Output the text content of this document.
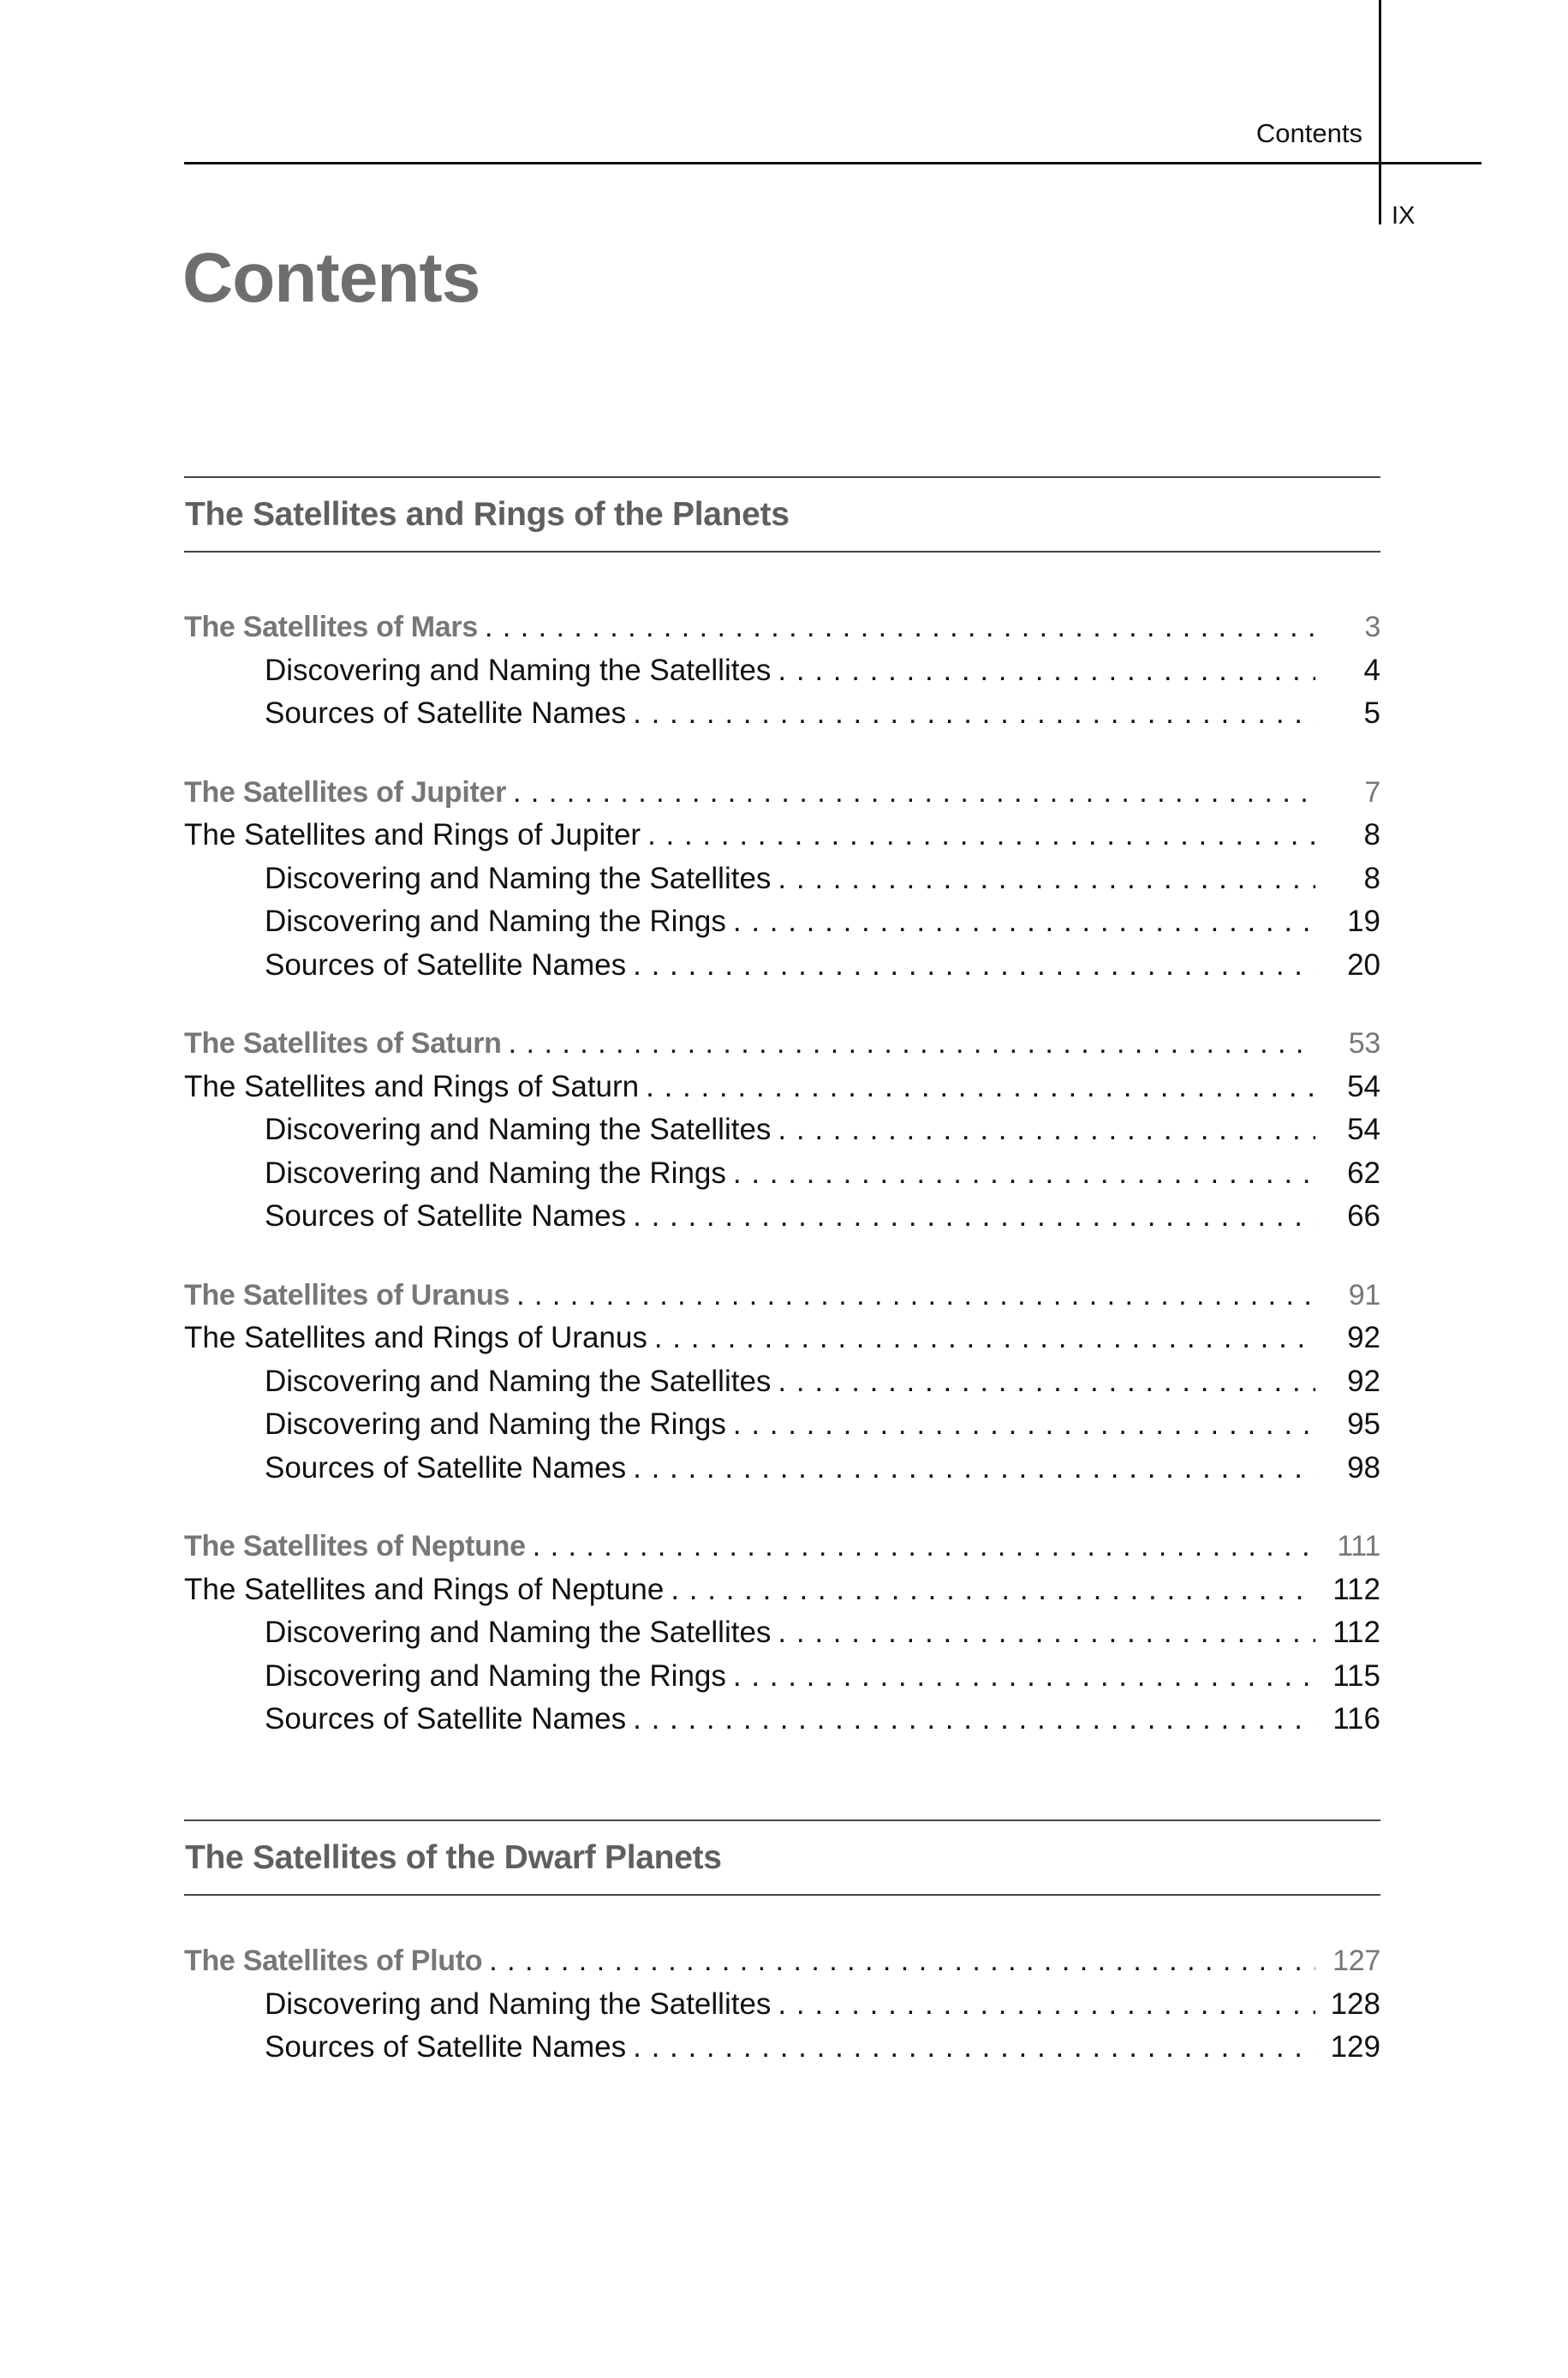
Contents
IX
Contents
The Satellites and Rings of the Planets
The Satellites of Mars . . .	3
Discovering and Naming the Satellites . . .	4
Sources of Satellite Names . . .	5
The Satellites of Jupiter . . .	7
The Satellites and Rings of Jupiter . . .	8
Discovering and Naming the Satellites . . .	8
Discovering and Naming the Rings . . .	19
Sources of Satellite Names . . .	20
The Satellites of Saturn . . .	53
The Satellites and Rings of Saturn . . .	54
Discovering and Naming the Satellites . . .	54
Discovering and Naming the Rings . . .	62
Sources of Satellite Names . . .	66
The Satellites of Uranus . . .	91
The Satellites and Rings of Uranus . . .	92
Discovering and Naming the Satellites . . .	92
Discovering and Naming the Rings . . .	95
Sources of Satellite Names . . .	98
The Satellites of Neptune . . .	111
The Satellites and Rings of Neptune . . .	112
Discovering and Naming the Satellites . . .	112
Discovering and Naming the Rings . . .	115
Sources of Satellite Names . . .	116
The Satellites of the Dwarf Planets
The Satellites of Pluto . . .	127
Discovering and Naming the Satellites . . .	128
Sources of Satellite Names . . .	129
